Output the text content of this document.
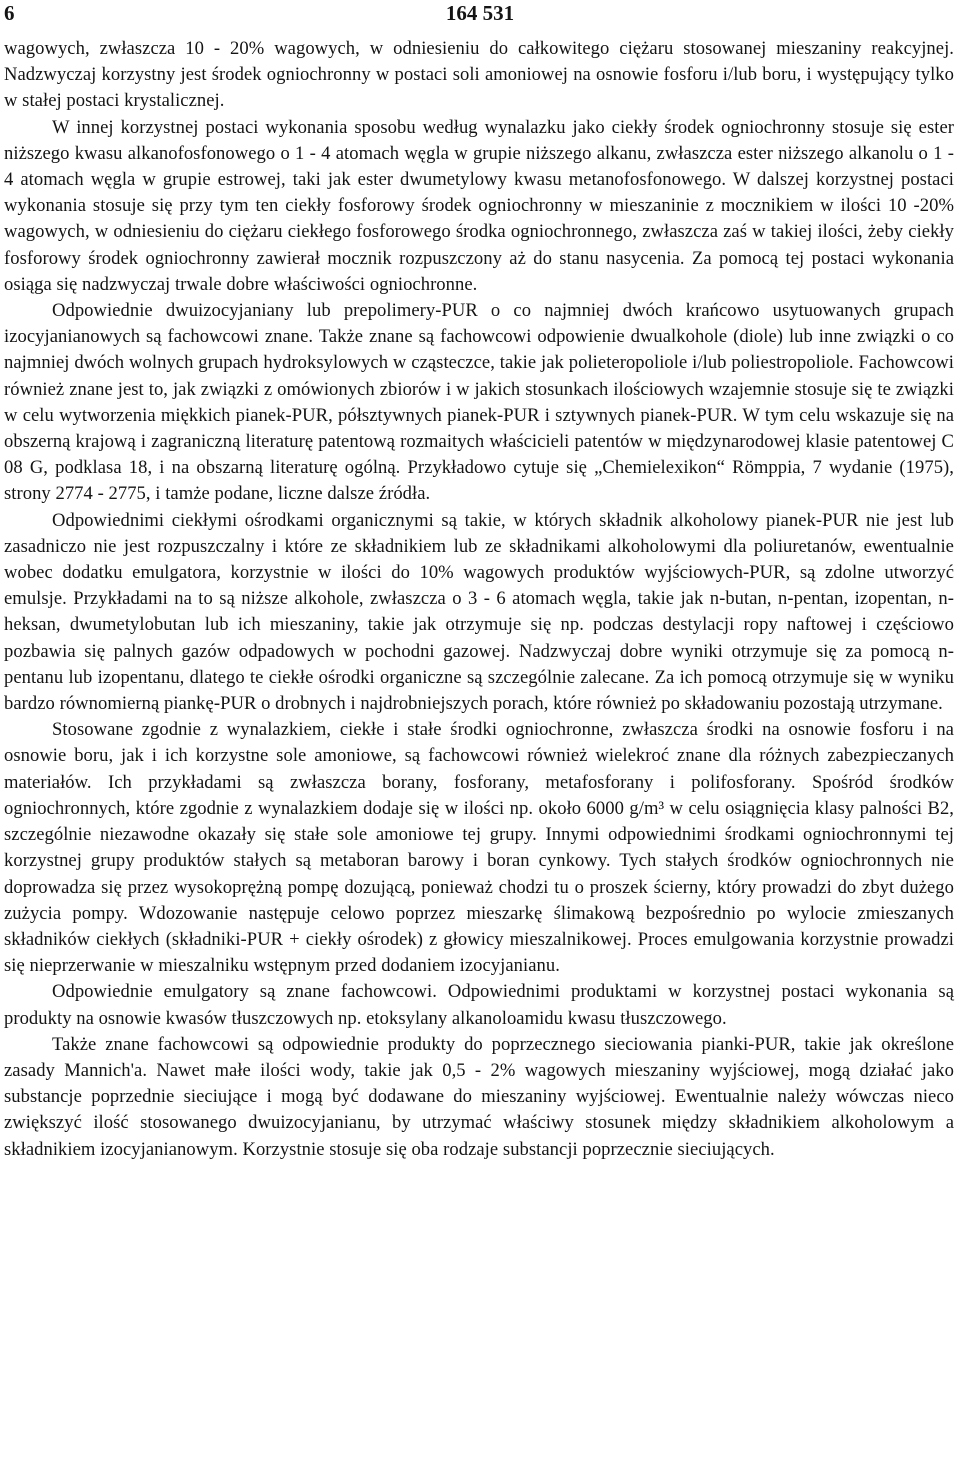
6	164 531

wagowych, zwłaszcza 10 - 20% wagowych, w odniesieniu do całkowitego ciężaru stosowanej mieszaniny reakcyjnej. Nadzwyczaj korzystny jest środek ogniochronny w postaci soli amoniowej na osnowie fosforu i/lub boru, i występujący tylko w stałej postaci krystalicznej.

W innej korzystnej postaci wykonania sposobu według wynalazku jako ciekły środek ogniochronny stosuje się ester niższego kwasu alkanofosfonowego o 1 - 4 atomach węgla w grupie niższego alkanu, zwłaszcza ester niższego alkanolu o 1 - 4 atomach węgla w grupie estrowej, taki jak ester dwumetylowy kwasu metanofosfonowego. W dalszej korzystnej postaci wykonania stosuje się przy tym ten ciekły fosforowy środek ogniochronny w mieszaninie z mocznikiem w ilości 10 -20% wagowych, w odniesieniu do ciężaru ciekłego fosforowego środka ogniochronnego, zwłaszcza zaś w takiej ilości, żeby ciekły fosforowy środek ogniochronny zawierał mocznik rozpuszczony aż do stanu nasycenia. Za pomocą tej postaci wykonania osiąga się nadzwyczaj trwale dobre właściwości ogniochronne.

Odpowiednie dwuizocyjaniany lub prepolimery-PUR o co najmniej dwóch krańcowo usytuowanych grupach izocyjanianowych są fachowcowi znane. Także znane są fachowcowi odpowienie dwualkohole (diole) lub inne związki o co najmniej dwóch wolnych grupach hydroksylowych w cząsteczce, takie jak polieteropoliole i/lub poliestropoliole. Fachowcowi również znane jest to, jak związki z omówionych zbiorów i w jakich stosunkach ilościowych wzajemnie stosuje się te związki w celu wytworzenia miękkich pianek-PUR, półsztywnych pianek-PUR i sztywnych pianek-PUR. W tym celu wskazuje się na obszerną krajową i zagraniczną literaturę patentową rozmaitych właścicieli patentów w międzynarodowej klasie patentowej C 08 G, podklasa 18, i na obszarną literaturę ogólną. Przykładowo cytuje się „Chemielexikon“ Römppia, 7 wydanie (1975), strony 2774 - 2775, i tamże podane, liczne dalsze źródła.

Odpowiednimi ciekłymi ośrodkami organicznymi są takie, w których składnik alkoholowy pianek-PUR nie jest lub zasadniczo nie jest rozpuszczalny i które ze składnikiem lub ze składnikami alkoholowymi dla poliuretanów, ewentualnie wobec dodatku emulgatora, korzystnie w ilości do 10% wagowych produktów wyjściowych-PUR, są zdolne utworzyć emulsje. Przykładami na to są niższe alkohole, zwłaszcza o 3 - 6 atomach węgla, takie jak n-butan, n-pentan, izopentan, n-heksan, dwumetylobutan lub ich mieszaniny, takie jak otrzymuje się np. podczas destylacji ropy naftowej i częściowo pozbawia się palnych gazów odpadowych w pochodni gazowej. Nadzwyczaj dobre wyniki otrzymuje się za pomocą n-pentanu lub izopentanu, dlatego te ciekłe ośrodki organiczne są szczególnie zalecane. Za ich pomocą otrzymuje się w wyniku bardzo równomierną piankę-PUR o drobnych i najdrobniejszych porach, które również po składowaniu pozostają utrzymane.

Stosowane zgodnie z wynalazkiem, ciekłe i stałe środki ogniochronne, zwłaszcza środki na osnowie fosforu i na osnowie boru, jak i ich korzystne sole amoniowe, są fachowcowi również wielekroć znane dla różnych zabezpieczanych materiałów. Ich przykładami są zwłaszcza borany, fosforany, metafosforany i polifosforany. Spośród środków ogniochronnych, które zgodnie z wynalazkiem dodaje się w ilości np. około 6000 g/m³ w celu osiągnięcia klasy palności B2, szczególnie niezawodne okazały się stałe sole amoniowe tej grupy. Innymi odpowiednimi środkami ogniochronnymi tej korzystnej grupy produktów stałych są metaboran barowy i boran cynkowy. Tych stałych środków ogniochronnych nie doprowadza się przez wysokoprężną pompę dozującą, ponieważ chodzi tu o proszek ścierny, który prowadzi do zbyt dużego zużycia pompy. Wdozowanie następuje celowo poprzez mieszarkę ślimakową bezpośrednio po wylocie zmieszanych składników ciekłych (składniki-PUR + ciekły ośrodek) z głowicy mieszalnikowej. Proces emulgowania korzystnie prowadzi się nieprzerwanie w mieszalniku wstępnym przed dodaniem izocyjanianu.

Odpowiednie emulgatory są znane fachowcowi. Odpowiednimi produktami w korzystnej postaci wykonania są produkty na osnowie kwasów tłuszczowych np. etoksylany alkanoloamidu kwasu tłuszczowego.

Także znane fachowcowi są odpowiednie produkty do poprzecznego sieciowania pianki-PUR, takie jak określone zasady Mannich'a. Nawet małe ilości wody, takie jak 0,5 - 2% wagowych mieszaniny wyjściowej, mogą działać jako substancje poprzednie sieciujące i mogą być dodawane do mieszaniny wyjściowej. Ewentualnie należy wówczas nieco zwiększyć ilość stosowanego dwuizocyjanianu, by utrzymać właściwy stosunek między składnikiem alkoholowym a składnikiem izocyjanianowym. Korzystnie stosuje się oba rodzaje substancji poprzecznie sieciujących.
